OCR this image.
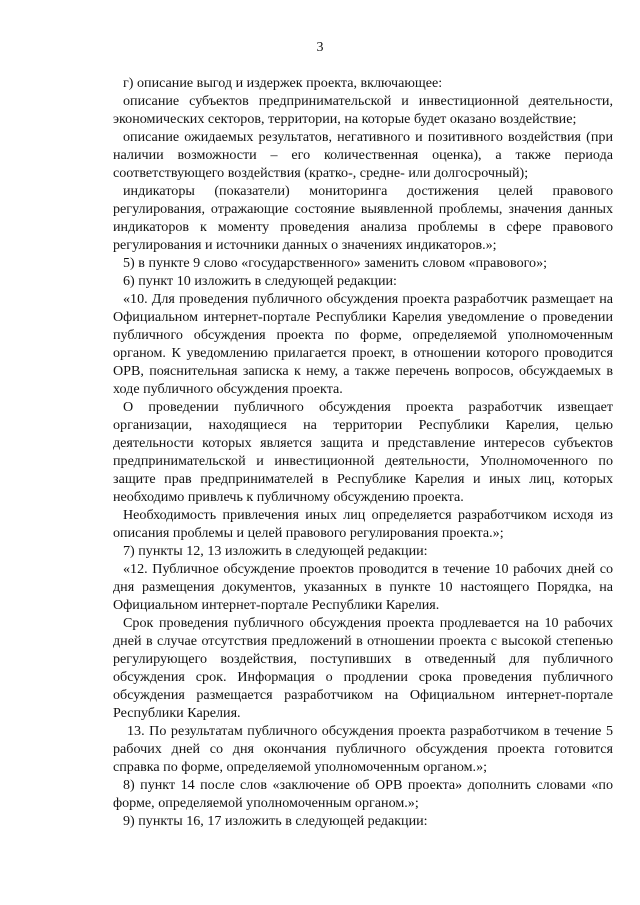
3

г) описание выгод и издержек проекта, включающее:

описание субъектов предпринимательской и инвестиционной деятельности, экономических секторов, территории, на которые будет оказано воздействие;

описание ожидаемых результатов, негативного и позитивного воздействия (при наличии возможности – его количественная оценка), а также периода соответствующего воздействия (кратко-, средне- или долгосрочный);

индикаторы (показатели) мониторинга достижения целей правового регулирования, отражающие состояние выявленной проблемы, значения данных индикаторов к моменту проведения анализа проблемы в сфере правового регулирования и источники данных о значениях индикаторов.»;

5) в пункте 9 слово «государственного» заменить словом «правового»;

6) пункт 10 изложить в следующей редакции:

«10. Для проведения публичного обсуждения проекта разработчик размещает на Официальном интернет-портале Республики Карелия уведомление о проведении публичного обсуждения проекта по форме, определяемой уполномоченным органом. К уведомлению прилагается проект, в отношении которого проводится ОРВ, пояснительная записка к нему, а также перечень вопросов, обсуждаемых в ходе публичного обсуждения проекта.

О проведении публичного обсуждения проекта разработчик извещает организации, находящиеся на территории Республики Карелия, целью деятельности которых является защита и представление интересов субъектов предпринимательской и инвестиционной деятельности, Уполномоченного по защите прав предпринимателей в Республике Карелия и иных лиц, которых необходимо привлечь к публичному обсуждению проекта.

Необходимость привлечения иных лиц определяется разработчиком исходя из описания проблемы и целей правового регулирования проекта.»;

7) пункты 12, 13 изложить в следующей редакции:

«12. Публичное обсуждение проектов проводится в течение 10 рабочих дней со дня размещения документов, указанных в пункте 10 настоящего Порядка, на Официальном интернет-портале Республики Карелия.

Срок проведения публичного обсуждения проекта продлевается на 10 рабочих дней в случае отсутствия предложений в отношении проекта с высокой степенью регулирующего воздействия, поступивших в отведенный для публичного обсуждения срок. Информация о продлении срока проведения публичного обсуждения размещается разработчиком на Официальном интернет-портале Республики Карелия.

13. По результатам публичного обсуждения проекта разработчиком в течение 5 рабочих дней со дня окончания публичного обсуждения проекта готовится справка по форме, определяемой уполномоченным органом.»;

8) пункт 14 после слов «заключение об ОРВ проекта» дополнить словами «по форме, определяемой уполномоченным органом.»;

9) пункты 16, 17 изложить в следующей редакции:
